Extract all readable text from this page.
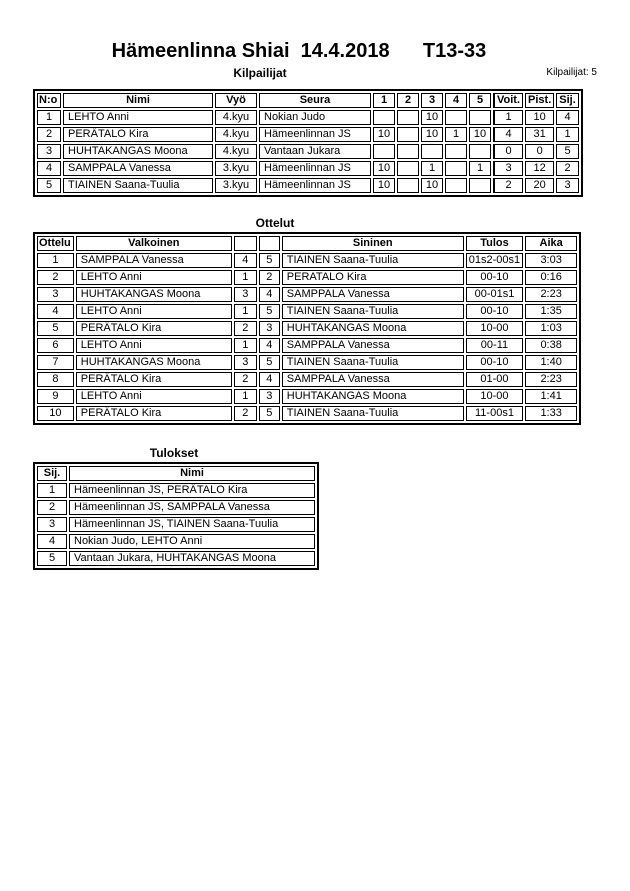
Hämeenlinna Shiai  14.4.2018      T13-33
Kilpailijat: 5
Kilpailijat
N:o	Nimi	Vyö	Seura	1	2	3	4	5	Voit.	Pist.	Sij.
1	LEHTO Anni	4.kyu	Nokian Judo			10			1	10	4
2	PERÄTALO Kira	4.kyu	Hämeenlinnan JS	10		10	1	10	4	31	1
3	HUHTAKANGAS Moona	4.kyu	Vantaan Jukara						0	0	5
4	SAMPPALA Vanessa	3.kyu	Hämeenlinnan JS	10		1		1	3	12	2
5	TIAINEN Saana-Tuulia	3.kyu	Hämeenlinnan JS	10		10			2	20	3
Ottelut
Ottelu	Valkoinen			Sininen	Tulos	Aika
1	SAMPPALA Vanessa	4	5	TIAINEN Saana-Tuulia	01s2-00s1	3:03
2	LEHTO Anni	1	2	PERATALO Kira	00-10	0:16
3	HUHTAKANGAS Moona	3	4	SAMPPALA Vanessa	00-01s1	2:23
4	LEHTO Anni	1	5	TIAINEN Saana-Tuulia	00-10	1:35
5	PERÄTALO Kira	2	3	HUHTAKANGAS Moona	10-00	1:03
6	LEHTO Anni	1	4	SAMPPALA Vanessa	00-11	0:38
7	HUHTAKANGAS Moona	3	5	TIAINEN Saana-Tuulia	00-10	1:40
8	PERÄTALO Kira	2	4	SAMPPALA Vanessa	01-00	2:23
9	LEHTO Anni	1	3	HUHTAKANGAS Moona	10-00	1:41
10	PERÄTALO Kira	2	5	TIAINEN Saana-Tuulia	11-00s1	1:33
Tulokset
Sij.	Nimi
1	Hämeenlinnan JS, PERÄTALO Kira
2	Hämeenlinnan JS, SAMPPALA Vanessa
3	Hämeenlinnan JS, TIAINEN Saana-Tuulia
4	Nokian Judo, LEHTO Anni
5	Vantaan Jukara, HUHTAKANGAS Moona
